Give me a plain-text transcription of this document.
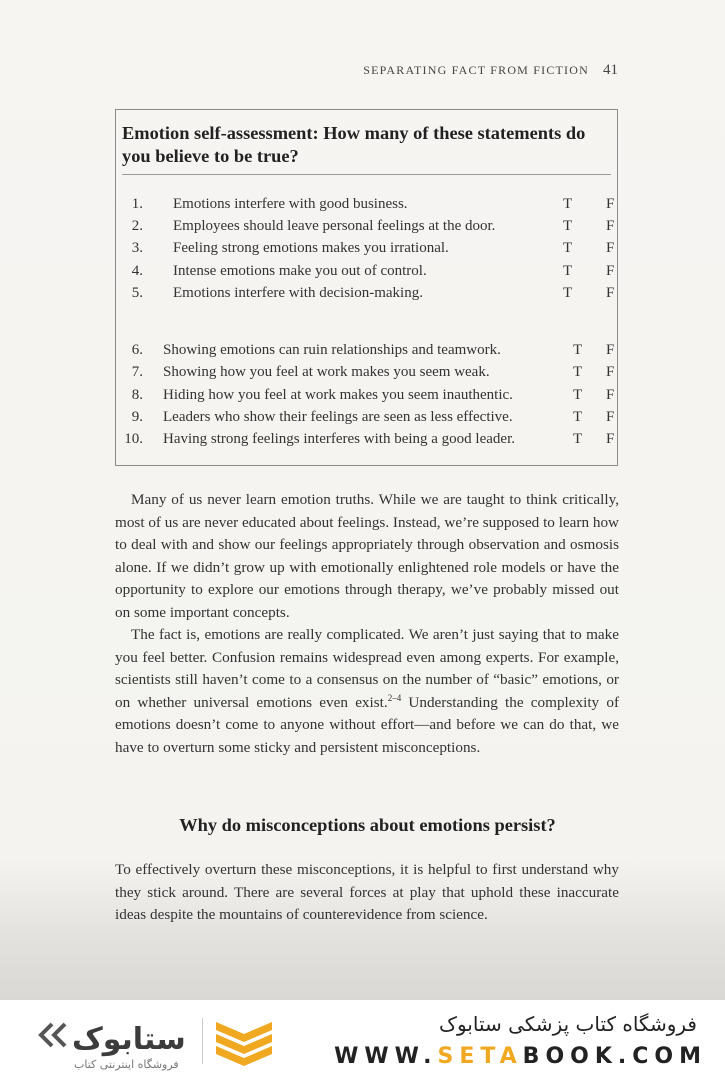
SEPARATING FACT FROM FICTION 41
Emotion self-assessment: How many of these statements do you believe to be true?
1. Emotions interfere with good business.	T F
2. Employees should leave personal feelings at the door.	T F
3. Feeling strong emotions makes you irrational.	T F
4. Intense emotions make you out of control.	T F
5. Emotions interfere with decision-making.	T F
6. Showing emotions can ruin relationships and teamwork.	T F
7. Showing how you feel at work makes you seem weak.	T F
8. Hiding how you feel at work makes you seem inauthentic.	T F
9. Leaders who show their feelings are seen as less effective.	T F
10. Having strong feelings interferes with being a good leader.	T F

Many of us never learn emotion truths. While we are taught to think critically, most of us are never educated about feelings. Instead, we’re supposed to learn how to deal with and show our feelings appropriately through observation and osmosis alone. If we didn’t grow up with emotionally enlightened role models or have the opportunity to explore our emotions through therapy, we’ve probably missed out on some important concepts.

The fact is, emotions are really complicated. We aren’t just saying that to make you feel better. Confusion remains widespread even among experts. For example, scientists still haven’t come to a consensus on the number of “basic” emotions, or on whether universal emotions even exist.$^{2-4}$ Understanding the complexity of emotions doesn’t come to anyone without effort—and before we can do that, we have to overturn some sticky and persistent misconceptions.

Why do misconceptions about emotions persist?

To effectively overturn these misconceptions, it is helpful to first understand why they stick around. There are several forces at play that uphold these inaccurate ideas despite the mountains of counterevidence from science.

ستابوک
فروشگاه اینترنتی کتاب
فروشگاه کتاب پزشکی ستابوک
WWW.SETABOOK.COM
